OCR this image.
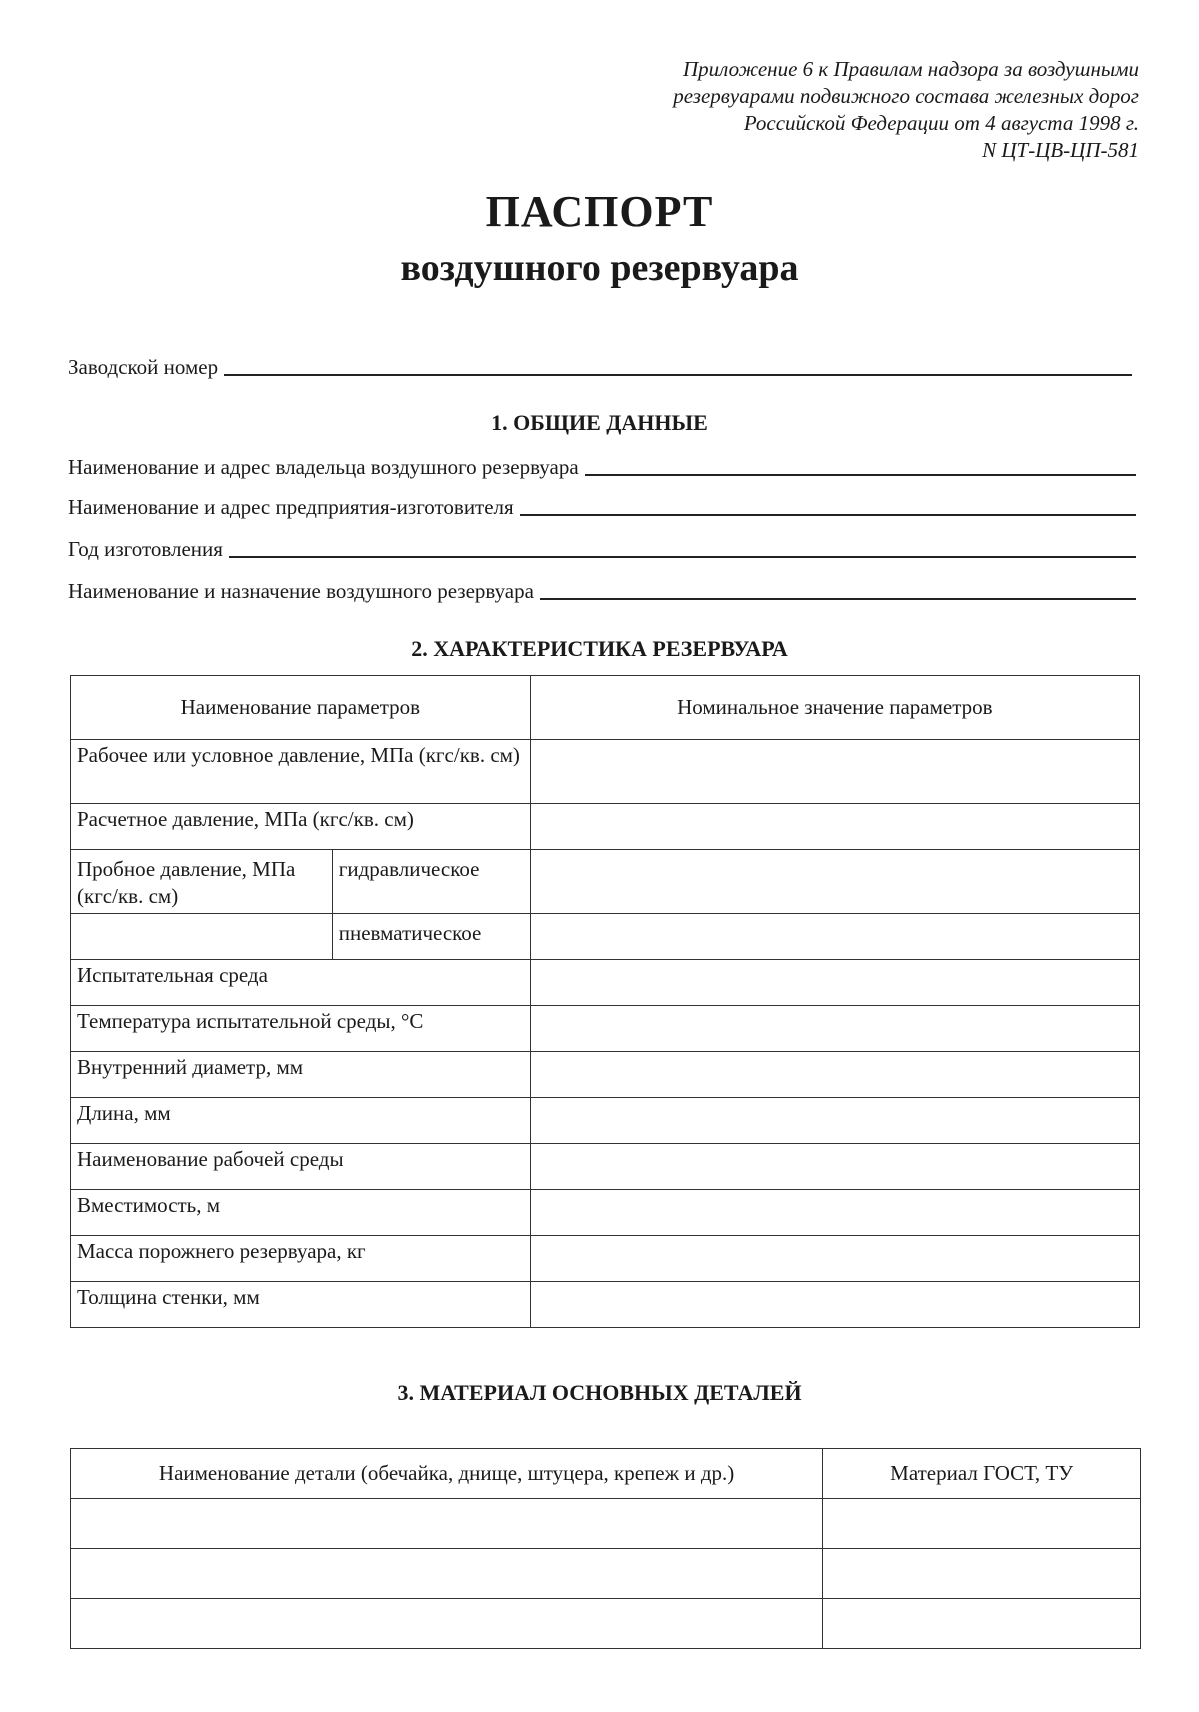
Приложение 6 к Правилам надзора за воздушными
резервуарами подвижного состава железных дорог
Российской Федерации от 4 августа 1998 г.
N ЦТ-ЦВ-ЦП-581
ПАСПОРТ
воздушного резервуара
Заводской номер
1. ОБЩИЕ ДАННЫЕ
Наименование и адрес владельца воздушного резервуара
Наименование и адрес предприятия-изготовителя
Год изготовления
Наименование и назначение воздушного резервуара
2. ХАРАКТЕРИСТИКА РЕЗЕРВУАРА
Наименование параметров		Номинальное значение параметров
Рабочее или условное давление, МПа (кгс/кв. см)		
Расчетное давление, МПа (кгс/кв. см)		
Пробное давление, МПа (кгс/кв. см)	гидравлическое	
	пневматическое	
Испытательная среда		
Температура испытательной среды, °С		
Внутренний диаметр, мм		
Длина, мм		
Наименование рабочей среды		
Вместимость, м		
Масса порожнего резервуара, кг		
Толщина стенки, мм		
3. МАТЕРИАЛ ОСНОВНЫХ ДЕТАЛЕЙ
Наименование детали (обечайка, днище, штуцера, крепеж и др.)	Материал ГОСТ, ТУ
